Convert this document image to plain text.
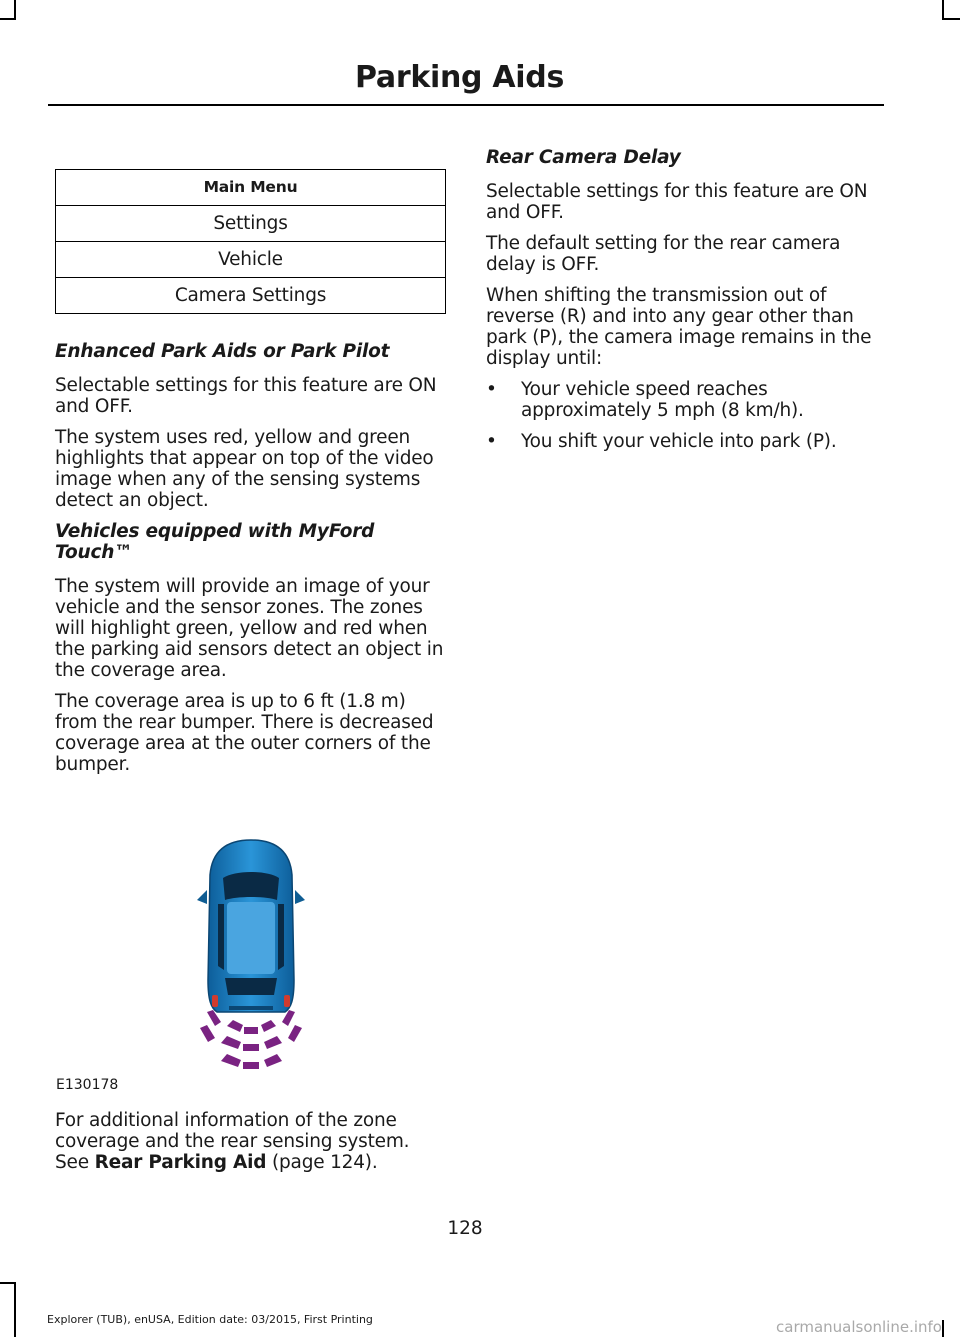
Parking Aids
Main Menu
Settings
Vehicle
Camera Settings

Enhanced Park Aids or Park Pilot

Selectable settings for this feature are ON and OFF.

The system uses red, yellow and green highlights that appear on top of the video image when any of the sensing systems detect an object.

Vehicles equipped with MyFord Touch™

The system will provide an image of your vehicle and the sensor zones. The zones will highlight green, yellow and red when the parking aid sensors detect an object in the coverage area.

The coverage area is up to 6 ft (1.8 m) from the rear bumper. There is decreased coverage area at the outer corners of the bumper.

E130178

For additional information of the zone coverage and the rear sensing system. See Rear Parking Aid (page 124).

Rear Camera Delay

Selectable settings for this feature are ON and OFF.

The default setting for the rear camera delay is OFF.

When shifting the transmission out of reverse (R) and into any gear other than park (P), the camera image remains in the display until:

• Your vehicle speed reaches approximately 5 mph (8 km/h).
• You shift your vehicle into park (P).
128
Explorer (TUB), enUSA, Edition date: 03/2015, First Printing	carmanualsonline.info
